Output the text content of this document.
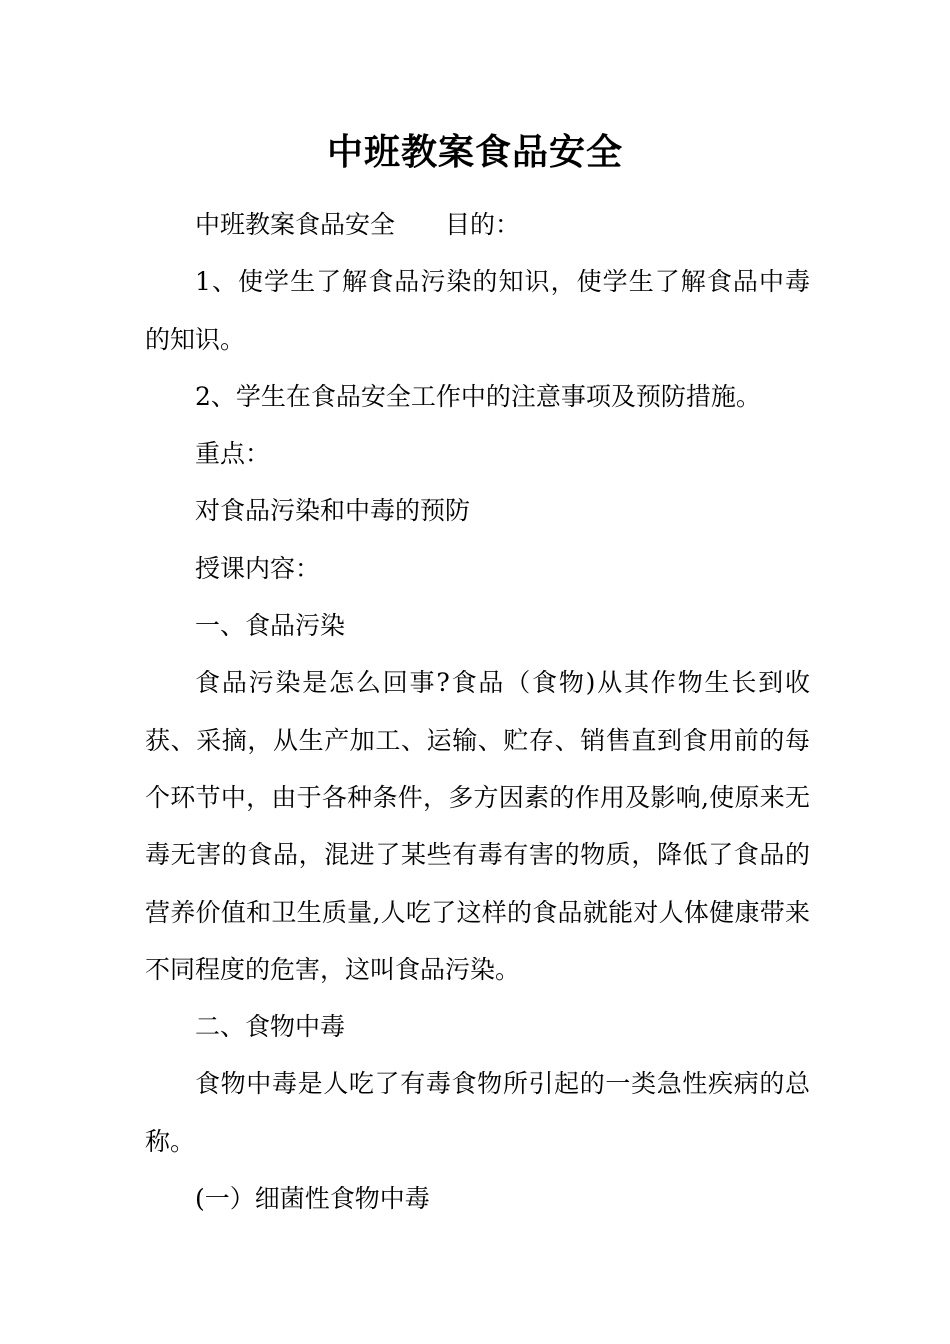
中班教案食品安全

中班教案食品安全 目的：

1、使学生了解食品污染的知识，使学生了解食品中毒的知识。

2、学生在食品安全工作中的注意事项及预防措施。

重点：

对食品污染和中毒的预防

授课内容：

一、食品污染

食品污染是怎么回事?食品（食物)从其作物生长到收获、采摘，从生产加工、运输、贮存、销售直到食用前的每个环节中，由于各种条件，多方因素的作用及影响,使原来无毒无害的食品，混进了某些有毒有害的物质，降低了食品的营养价值和卫生质量,人吃了这样的食品就能对人体健康带来不同程度的危害，这叫食品污染。

二、食物中毒

食物中毒是人吃了有毒食物所引起的一类急性疾病的总称。

(一）细菌性食物中毒
